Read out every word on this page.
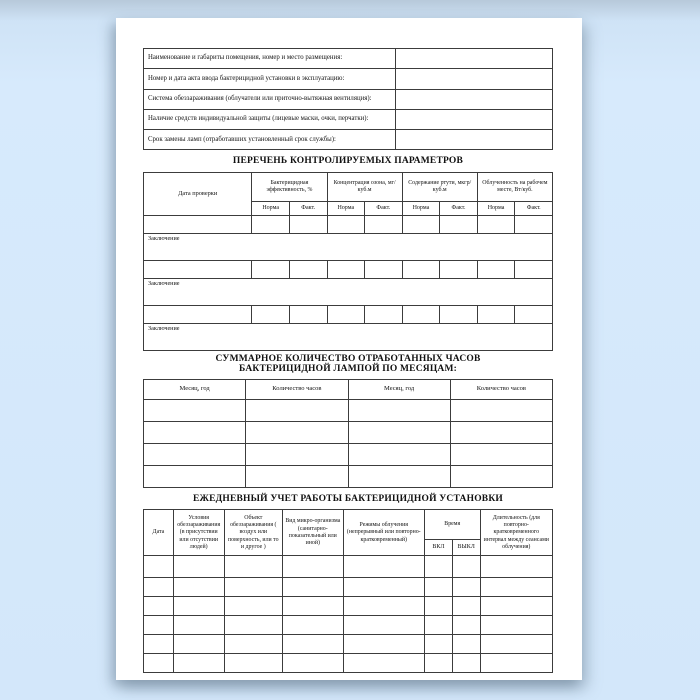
Наименование и габариты помещения, номер и место размещения:	
Номер и дата акта ввода бактерицидной установки в эксплуатацию:	
Система обеззараживания (облучатели или приточно-вытяжная вентиляция):	
Наличие средств индивидуальной защиты (лицевые маски, очки, перчатки):	
Срок замены ламп (отработавших установленный срок службы):	
ПЕРЕЧЕНЬ КОНТРОЛИРУЕМЫХ ПАРАМЕТРОВ
Дата проверки	Бактерицидная эффективность, %		Концентрация озона, мг/ куб.м		Содержание ртути, мкгр/ куб.м		Облученность на рабочем месте, Вт/куб.	
	Норма	Факт.	Норма	Факт.	Норма	Факт.	Норма	Факт.

Заключение								

Заключение								

Заключение								
СУММАРНОЕ КОЛИЧЕСТВО ОТРАБОТАННЫХ ЧАСОВ
БАКТЕРИЦИДНОЙ ЛАМПОЙ ПО МЕСЯЦАМ:
Месяц, год	Количество часов	Месяц, год	Количество часов

ЕЖЕДНЕВНЫЙ УЧЕТ РАБОТЫ БАКТЕРИЦИДНОЙ УСТАНОВКИ
Дата	Условия обеззараживания (в присутствии или отсутствии людей)	Объект обеззараживания ( воздух или поверхность, или то и другое )	Вид микро-организма (санитарно-показательный или иной)	Режимы облучения (непрерывный или повторно-кратковременный)	Время		Длительность (для повторно-кратковременного интервал между сеансами облучения)
					ВКЛ	ВЫКЛ	
